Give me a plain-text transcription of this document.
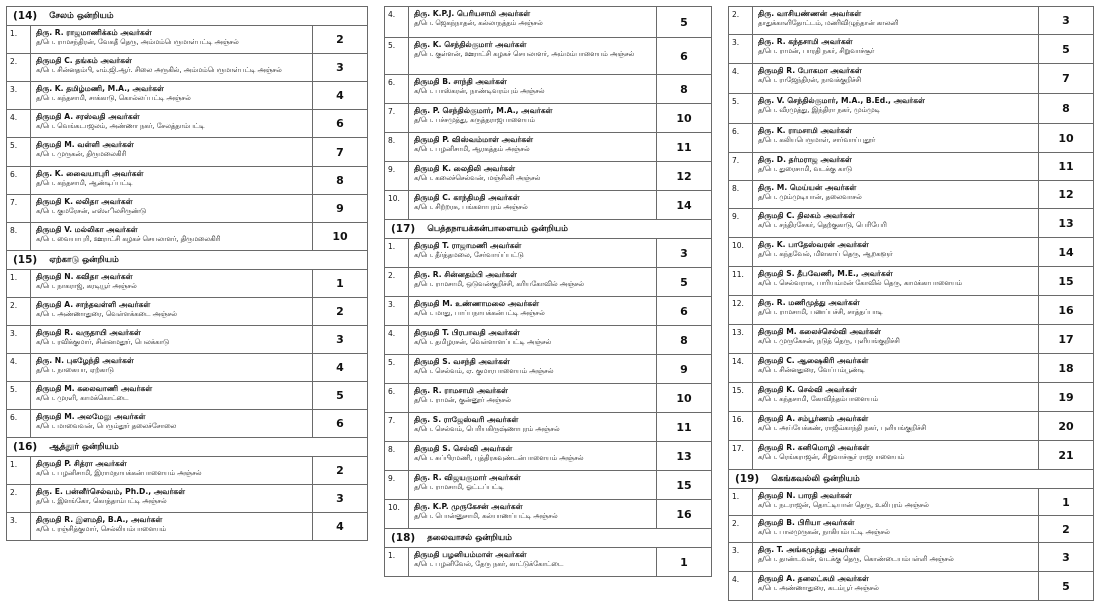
(14) சேலம் ஒன்றியம்
1.	திரு. R. ராஜமாணிக்கம் அவர்கள்
த/பெ. ராமசந்திரன், வேகதீ தெரு, அம்மம்பெருமாள்பட்டி அஞ்சல்	2
2.	திருமதி C. தங்கம் அவர்கள்
க/பெ. சின்னதம்பி, எம்.ஜி.ஆர். சிலை அருகில், அம்மம்பெருமாள்பட்டி அஞ்சல்	3
3.	திரு. K. தமிழ்மணி, M.A., அவர்கள்
த/பெ. கந்தசாமி, சாக்காடு, கொல்லப்பட்டி அஞ்சல்	4
4.	திருமதி A. சரஸ்வதி அவர்கள்
க/பெ. வெங்கடாஜலம், அண்ணா நகர், சேலத்தாம்பட்டி	6
5.	திருமதி M. வள்ளி அவர்கள்
க/பெ. முருகன், திருமலைகிரி	7
6.	திரு. K. வைையாபுரி அவர்கள்
த/பெ. கந்தசாமி, ஆண்டிப்பட்டி	8
7.	திருமதி K. லலிதா அவர்கள்
க/பெ. குமரேசன், எஸ்எிலசிருண்டு	9
8.	திருமதி V. மல்லிகா அவர்கள்
க/பெ. வையாபுரி, ஊராட்சி கழகச் செயலாளர், திருமலைகிரி	10
(15) ஏற்காடு ஒன்றியம்
1.	திருமதி N. கவிதா அவர்கள்
க/பெ. நாகராஜ், கரடியூர் அஞ்சல்	1
2.	திருமதி A. சாந்தவள்ளி அவர்கள்
க/பெ. அண்ணாதுரை, வெள்ளக்கடை அஞ்சல்	2
3.	திருமதி R. வருதாயி அவர்கள்
க/பெ. ரவிக்குமார், சின்னமதூர், பெலக்காடு	3
4.	திரு. N. புகழேந்தி அவர்கள்
த/பெ. நாகையா, ஏற்காடு	4
5.	திருமதி M. கலைவாணி அவர்கள்
க/பெ. முரளி, காமக்கொட்டை	5
6.	திருமதி M. அலமேலு அவர்கள்
க/பெ. மாவைவன், பெரும்தூர் தலைச்சோலை	6
(16) ஆத்தூர் ஒன்றியம்
1.	திருமதி P. சித்ரா அவர்கள்
க/பெ. பழனிசாமி, இராமநாயக்கன்பாளையம் அஞ்சல்	2
2.	திரு. E. பன்னீர்செல்வம், Ph.D., அவர்கள்
த/பெ. இளங்கோ, கொத்தாம்பட்டி அஞ்சல்	3
3.	திருமதி R. இளமதி, B.A., அவர்கள்
க/பெ. ரஞ்சித்குமார், செல்லியம்பாளையம்	4
4.	திரு. K.P.J. பெரியசாமி அவர்கள்
த/பெ. ஜெகந்நாதன், கல்லாநத்தம் அஞ்சல்	5
5.	திரு. K. செந்தில்குமார் அவர்கள்
த/பெ. குள்ளன், ஊராட்சி கழகச் செயலாளர், அம்மம்பாளையம் அஞ்சல்	6
6.	திருமதி B. சாந்தி அவர்கள்
க/பெ. பாஸ்கரன், நாண்டிவரம்பும் அஞ்சல்	8
7.	திரு. P. செந்தில்குமார், M.A., அவர்கள்
த/பெ. பச்சமுத்து, கருத்தராஜபாளையம்	10
8.	திருமதி P. விஸ்வம்மாள் அவர்கள்
க/பெ. பழனிசாமி, ஆரகத்தம் அஞ்சல்	11
9.	திருமதி K. லைதிலி அவர்கள்
க/பெ. கலைச்செல்வன், மஞ்சினி அஞ்சல்	12
10.	திருமதி C. காந்திமதி அவர்கள்
க/பெ. சிற்றரசு, பங்களாபுரம் அஞ்சல்	14
(17) பெத்தநாயக்கன்பாளையம் ஒன்றியம்
1.	திருமதி T. ராஜாமணி அவர்கள்
க/பெ. தீர்த்தமலை, சேர்வாய்ப்பட்டு	3
2.	திரு. R. சின்னதம்பி அவர்கள்
த/பெ. ராமசாமி, ஒடுவன்குறிச்சி, கரியகோவில் அஞ்சல்	5
3.	திருமதி M. உண்ணாமலை அவர்கள்
க/பெ. மாது, பாப்பநாயக்கன்பட்டி அஞ்சல்	6
4.	திருமதி T. பிரபாவதி அவர்கள்
க/பெ. தமிழரசன், வெள்ளாளப்பட்டி அஞ்சல்	8
5.	திருமதி S. வசந்தி அவர்கள்
க/பெ. செல்வம், ஏ. குமாரபாளையம் அஞ்சல்	9
6.	திரு. R. ராமசாமி அவர்கள்
த/பெ. ராமன், குன்னூர் அஞ்சல்	10
7.	திரு. S. ராஜேஸ்வரி அவர்கள்
க/பெ. செல்வம், பெரியகிருஷ்ணாபுரம் அஞ்சல்	11
8.	திருமதி S. செல்வி அவர்கள்
க/பெ. சுப்பிரமணி, புத்திரகவுண்டன்பாளையம் அஞ்சல்	13
9.	திரு. R. விஜயகுமார் அவர்கள்
த/பெ. ராமசாமி, ஓட்டப்பட்டி	15
10.	திரு. K.P. முருகேசன் அவர்கள்
த/பெ. பொன்னுசாமி, கல்யாணப்பட்டி அஞ்சல்	16
(18) தலைவாசல் ஒன்றியம்
1.	திருமதி பழனியம்மாள் அவர்கள்
க/பெ. பழனிவேல், தேரு நகர், காட்டுக்கோட்டை	1
2.	திரு. வாசியண்ணன் அவர்கள்
தாதுக்காளிதோட்டம், மணிவிழுந்தான் காலனி	3
3.	திரு. R. கந்தசாமி அவர்கள்
த/பெ. ராமன், பாரதி நகர், சிறுவாச்சூர்	5
4.	திருமதி R. போகமா அவர்கள்
க/பெ. ராஜேந்திரன், நாவக்குறிச்சி	7
5.	திரு. V. செந்தில்குமார், M.A., B.Ed., அவர்கள்
த/பெ. வீரமுத்து, இந்திரா நகர், மும்முடி	8
6.	திரு. K. ராமசாமி அவர்கள்
த/பெ. கலியபெருமாள், சார்வாய்புதூர்	10
7.	திரு. D. தர்மராஜ அவர்கள்
த/பெ. துரைசாமி, வடக்கு காடு	11
8.	திரு. M. மெய்யன் அவர்கள்
த/பெ. மும்முடியான், தலைவாசல்	12
9.	திருமதி C. திலகம் அவர்கள்
க/பெ. சந்திரசேகர், தெற்குகாடு, பெரியேரி	13
10.	திரு. K. பாதேஸ்வரன் அவர்கள்
த/பெ. கந்தவேல், மிளகாய் தெரு, ஆறகளூர்	14
11.	திருமதி S. தீபவேணி, M.E., அவர்கள்
க/பெ. செல்வராசு, பாரியம்மன் கோவில் தெரு, காமக்காபாளையம்	15
12.	திரு. R. மணிமுத்து அவர்கள்
த/பெ. ராமசாமி, பணப்பச்சி, சாத்தப்பாடி	16
13.	திருமதி M. கலைச்செல்வி அவர்கள்
க/பெ. முருகேசன், நடுத் தெரு, புளியங்குறிச்சி	17
14.	திருமதி C. ஆஷைகிரி அவர்கள்
க/பெ. சின்னதுரை, வேப்பம்பூண்டி	18
15.	திருமதி K. செல்வி அவர்கள்
க/பெ. கந்தசாமி, கோவிந்தம்பாளையம்	19
16.	திருமதி A. சம்பூர்ணம் அவர்கள்
க/பெ. அய்யேக்கண், ராஜீவ்காந்தி நகர், புளியங்குறிச்சி	20
17.	திருமதி R. கனிமொழி அவர்கள்
க/பெ. ரெங்கராஜன், சிறுவாச்சூர் ராஜபாளையம்	21
(19) கெங்கவல்லி ஒன்றியம்
1.	திருமதி N. பாரதி அவர்கள்
க/பெ. நடராஜன், தொட்டியான் தெரு, உலிபுரம் அஞ்சல்	1
2.	திருமதி B. பிரியா அவர்கள்
க/பெ. பாலமுருகன், நாகியம்பட்டி அஞ்சல்	2
3.	திரு. T. அங்கமுத்து அவர்கள்
த/பெ. தாண்டவன், வடக்கு தெரு, கொண்டையம்பள்ளி அஞ்சல்	3
4.	திருமதி A. தனலட்சுமி அவர்கள்
க/பெ. அண்ணாதுரை, கடம்பூர் அஞ்சல்	5
